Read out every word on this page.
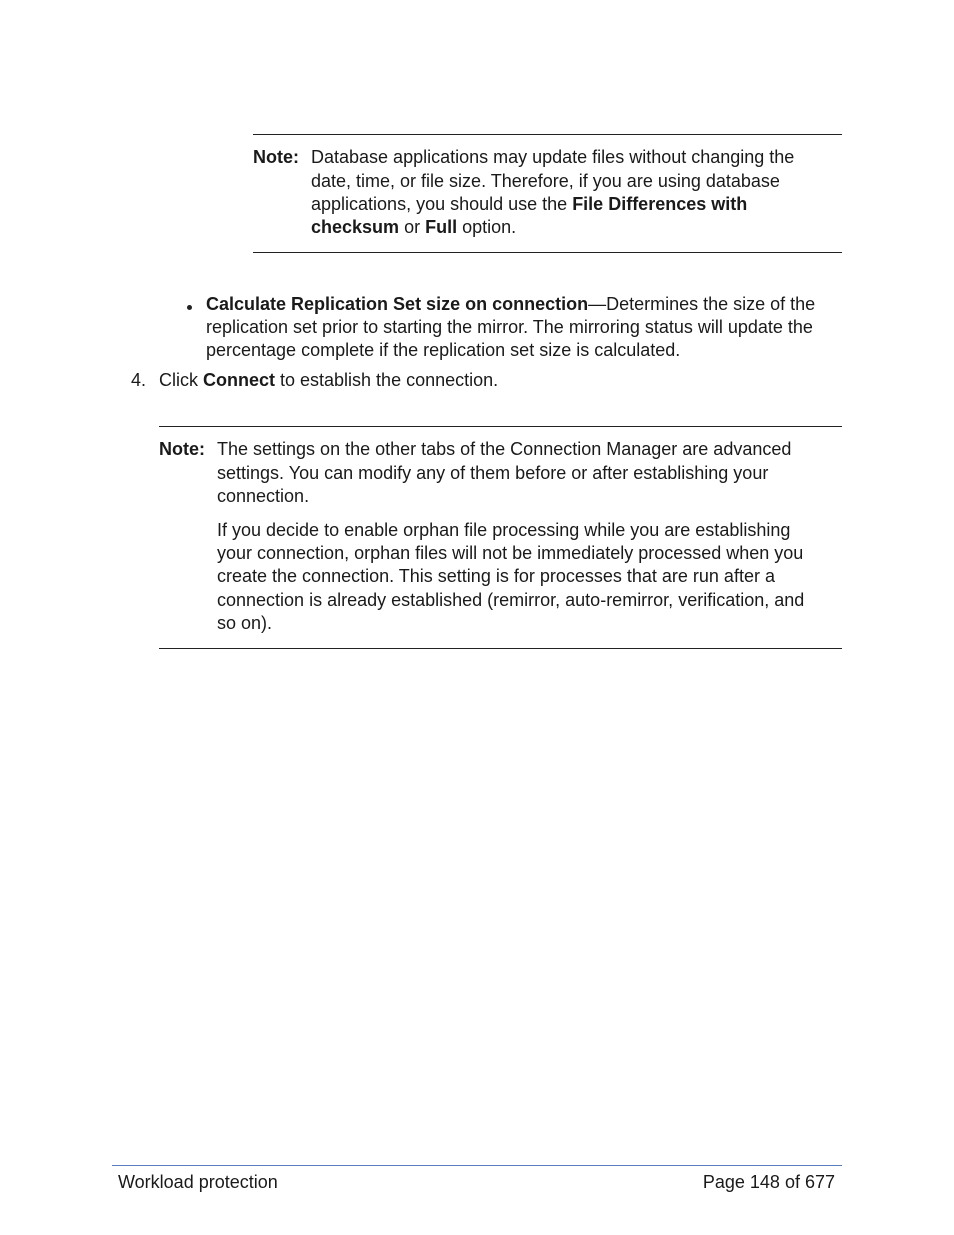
Note: Database applications may update files without changing the
date, time, or file size. Therefore, if you are using database
applications, you should use the File Differences with
checksum or Full option.
Calculate Replication Set size on connection—Determines the size of the
replication set prior to starting the mirror. The mirroring status will update the
percentage complete if the replication set size is calculated.
4. Click Connect to establish the connection.
Note: The settings on the other tabs of the Connection Manager are advanced
settings. You can modify any of them before or after establishing your
connection.
If you decide to enable orphan file processing while you are establishing
your connection, orphan files will not be immediately processed when you
create the connection. This setting is for processes that are run after a
connection is already established (remirror, auto-remirror, verification, and
so on).
Workload protection	Page 148 of 677
